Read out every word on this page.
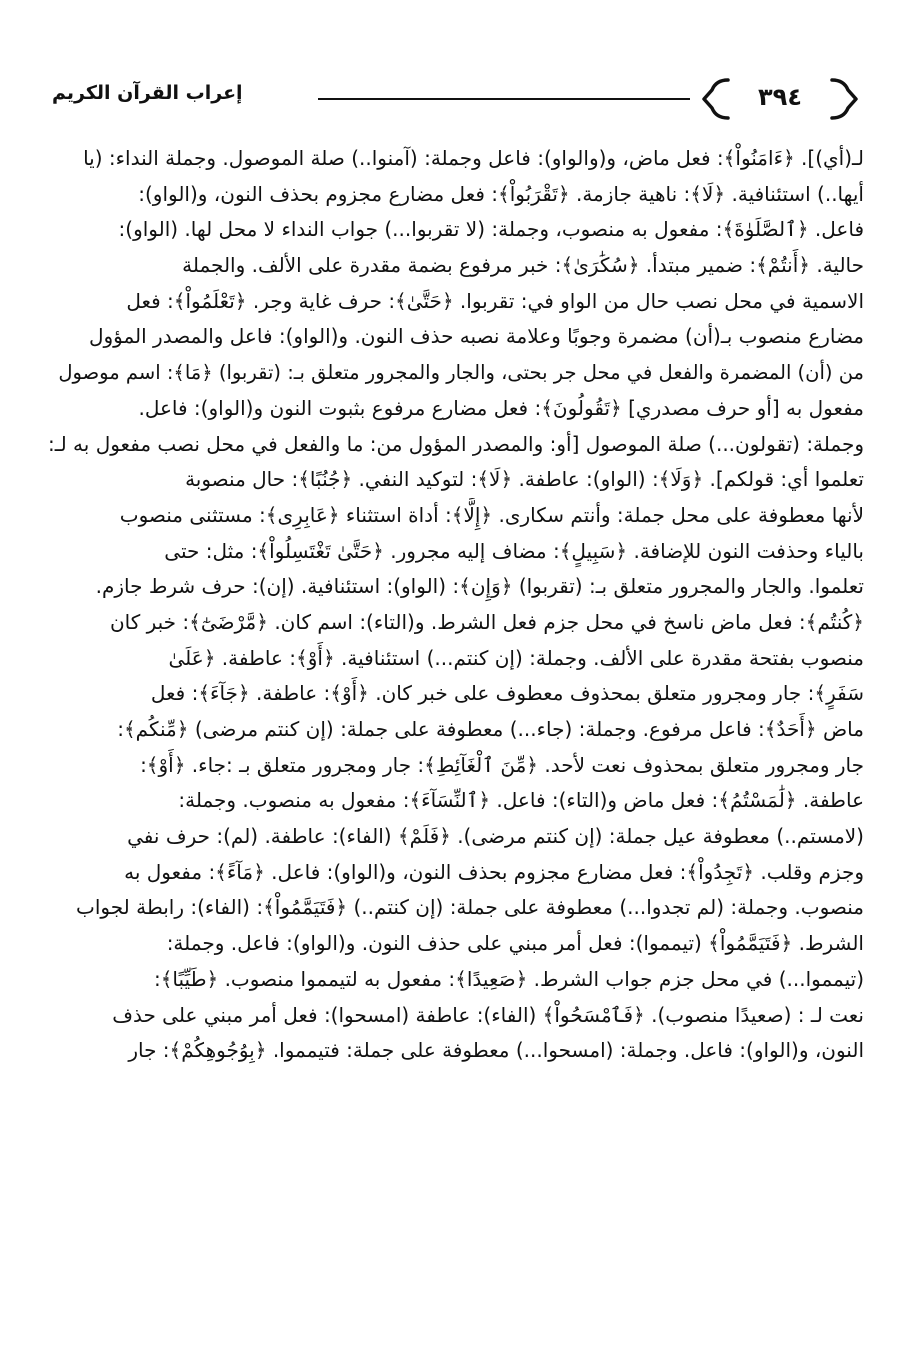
إعراب القرآن الكريم	٣٩٤
لـ(أي)]. ﴿ءَامَنُواْ﴾: فعل ماض، و(والواو): فاعل وجملة: (آمنوا..) صلة الموصول. وجملة النداء: (يا
أيها..) استئنافية. ﴿لَا﴾: ناهية جازمة. ﴿تَقْرَبُواْ﴾: فعل مضارع مجزوم بحذف النون، و(الواو):
فاعل. ﴿ٱلصَّلَوٰةَ﴾: مفعول به منصوب، وجملة: (لا تقربوا...) جواب النداء لا محل لها. (الواو):
حالية. ﴿أَنتُمْ﴾: ضمير مبتدأ. ﴿سُكَٰرَىٰ﴾: خبر مرفوع بضمة مقدرة على الألف. والجملة
الاسمية في محل نصب حال من الواو في: تقربوا. ﴿حَتَّىٰ﴾: حرف غاية وجر. ﴿تَعْلَمُواْ﴾: فعل
مضارع منصوب بـ(أن) مضمرة وجوبًا وعلامة نصبه حذف النون. و(الواو): فاعل والمصدر المؤول
من (أن) المضمرة والفعل في محل جر بحتى، والجار والمجرور متعلق بـ: (تقربوا) ﴿مَا﴾: اسم موصول
مفعول به [أو حرف مصدري] ﴿تَقُولُونَ﴾: فعل مضارع مرفوع بثبوت النون و(الواو): فاعل.
وجملة: (تقولون...) صلة الموصول [أو: والمصدر المؤول من: ما والفعل في محل نصب مفعول به لـ:
تعلموا أي: قولكم]. ﴿وَلَا﴾: (الواو): عاطفة. ﴿لَا﴾: لتوكيد النفي. ﴿جُنُبًا﴾: حال منصوبة
لأنها معطوفة على محل جملة: وأنتم سكارى. ﴿إِلَّا﴾: أداة استثناء ﴿عَابِرِى﴾: مستثنى منصوب
بالياء وحذفت النون للإضافة. ﴿سَبِيلٍ﴾: مضاف إليه مجرور. ﴿حَتَّىٰ تَغْتَسِلُواْ﴾: مثل: حتى
تعلموا. والجار والمجرور متعلق بـ: (تقربوا) ﴿وَإِن﴾: (الواو): استئنافية. (إن): حرف شرط جازم.
﴿كُنتُم﴾: فعل ماض ناسخ في محل جزم فعل الشرط. و(التاء): اسم كان. ﴿مَّرْضَىٰٓ﴾: خبر كان
منصوب بفتحة مقدرة على الألف. وجملة: (إن كنتم...) استئنافية. ﴿أَوْ﴾: عاطفة. ﴿عَلَىٰ
سَفَرٍ﴾: جار ومجرور متعلق بمحذوف معطوف على خبر كان. ﴿أَوْ﴾: عاطفة. ﴿جَآءَ﴾: فعل
ماض ﴿أَحَدٌ﴾: فاعل مرفوع. وجملة: (جاء...) معطوفة على جملة: (إن كنتم مرضى) ﴿مِّنكُم﴾:
جار ومجرور متعلق بمحذوف نعت لأحد. ﴿مِّنَ ٱلْغَآئِطِ﴾: جار ومجرور متعلق بـ :جاء. ﴿أَوْ﴾:
عاطفة. ﴿لَٰمَسْتُمُ﴾: فعل ماض و(التاء): فاعل. ﴿ٱلنِّسَآءَ﴾: مفعول به منصوب. وجملة:
(لامستم..) معطوفة عيل جملة: (إن كنتم مرضى). ﴿فَلَمْ﴾ (الفاء): عاطفة. (لم): حرف نفي
وجزم وقلب. ﴿تَجِدُواْ﴾: فعل مضارع مجزوم بحذف النون، و(الواو): فاعل. ﴿مَآءً﴾: مفعول به
منصوب. وجملة: (لم تجدوا...) معطوفة على جملة: (إن كنتم..) ﴿فَتَيَمَّمُواْ﴾: (الفاء): رابطة لجواب
الشرط. ﴿فَتَيَمَّمُواْ﴾ (تيمموا): فعل أمر مبني على حذف النون. و(الواو): فاعل. وجملة:
(تيمموا...) في محل جزم جواب الشرط. ﴿صَعِيدًا﴾: مفعول به لتيمموا منصوب. ﴿طَيِّبًا﴾:
نعت لـ : (صعيدًا منصوب). ﴿فَٱمْسَحُواْ﴾ (الفاء): عاطفة (امسحوا): فعل أمر مبني على حذف
النون، و(الواو): فاعل. وجملة: (امسحوا...) معطوفة على جملة: فتيمموا. ﴿بِوُجُوهِكُمْ﴾: جار
